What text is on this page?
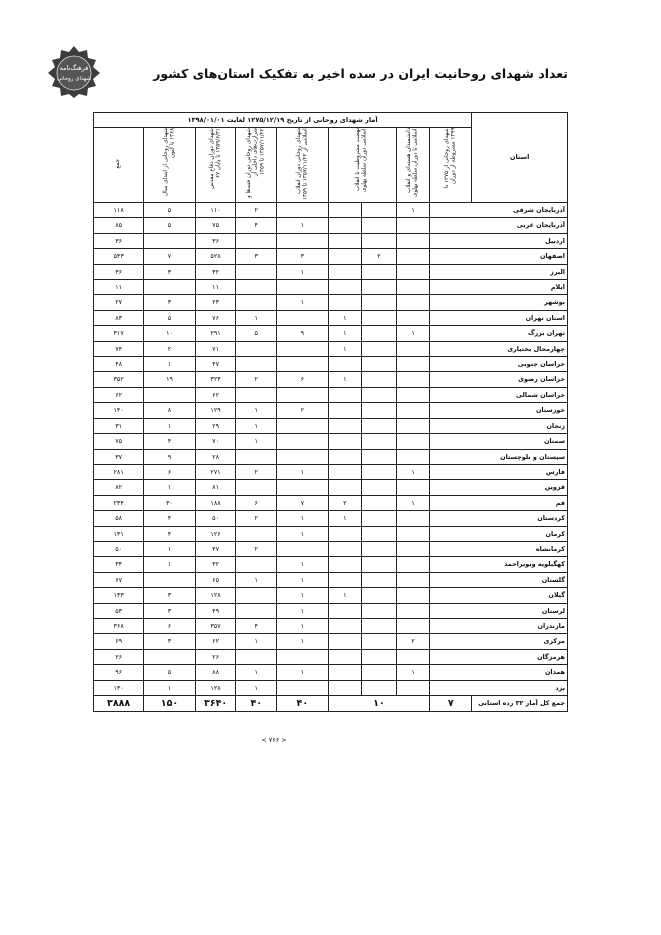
فرهنگ‌نامه
شهدای روحانی	تعداد شهدای روحانیت ایران در سده اخیر به تفکیک استان‌های کشور
آمار شهدای روحانی از تاریخ ۱۲۷۵/۱۲/۱۹ لغایت ۱۳۹۸/۰۱/۰۱									استان
جمع	شهدای روحانی از ابتدای سال ۱۳۶۸ تا کنون	شهدای دوران دفاع مقدس ۱۳۵۹/۶/۳۱ تا پایان ۶۷	شهدای روحانی دوران فتنه‌ها و شرارت‌های داخلی از ۱۳۵۷/۱۱/۲۲ تا ۱۳۵۹	شهدای روحانی دوران انقلاب اسلامی از ۱۳۵۷/۱۱/۲۲ تا ۱۳۵۹	نهضت مشروطیت تا انقلاب اسلامی دوران سلطه پهلوی		دانشمندان هسته‌ای و انقلاب اسلامی تا دوران سلطه پهلوی	شهدای روحانی از ۱۲۷۵ تا ۱۳۹۹ مشروطه از دوران	
۱۱۸	۵	۱۱۰	۲				۱	آذربایجان شرقی	
۸۵	۵	۷۵	۴	۱				آذربایجان غربی	
۳۶		۳۶						اردبیل	
۵۴۳	۷	۵۲۸	۳	۳		۲		اصفهان	
۳۶	۳	۳۲		۱				البرز	
۱۱		۱۱						ایلام	
۲۷	۳	۲۳		۱				بوشهر	
۸۳	۵	۷۶	۱		۱			استان تهران	
۳۱۷	۱۰	۲۹۱	۵	۹	۱		۱	تهران بزرگ	
۷۴	۲	۷۱			۱			چهارمحال بختیاری	
۴۸	۱	۴۷						خراسان جنوبی	
۳۵۲	۱۹	۳۲۴	۲	۶	۱			خراسان رضوی	
۶۲		۶۲						خراسان شمالی	
۱۴۰	۸	۱۲۹	۱	۲				خوزستان	
۳۱	۱	۲۹	۱					زنجان	
۷۵	۴	۷۰	۱					سمنان	
۳۷	۹	۲۸						سیستان و بلوچستان	
۲۸۱	۶	۲۷۱	۲	۱			۱	فارس	
۸۲	۱	۸۱						قزوین	
۲۳۴	۳۰	۱۸۸	۶	۷	۲		۱	قم	
۵۸	۴	۵۰	۲	۱	۱			کردستان	
۱۳۱	۴	۱۲۶		۱				کرمان	
۵۰	۱	۴۷	۲					کرمانشاه	
۳۴	۱	۳۲		۱				کهگیلویه وبویراحمد	
۶۷		۶۵	۱	۱				گلستان	
۱۳۳	۳	۱۲۸		۱	۱			گیلان	
۵۳	۳	۴۹		۱				لرستان	
۳۶۸	۶	۳۵۷	۴	۱				مازندران	
۶۹	۳	۶۲	۱	۱			۲	مرکزی	
۲۶		۲۶						هرمزگان	
۹۶	۵	۸۸	۱	۱			۱	همدان	
۱۳۰	۱	۱۲۸	۱					یزد	
۳۸۸۸	۱۵۰	۳۶۴۰	۴۰	۴۰	۱۰			۷	جمع کل آمار ۳۲ رده استانی
< ۷۶۶ >
